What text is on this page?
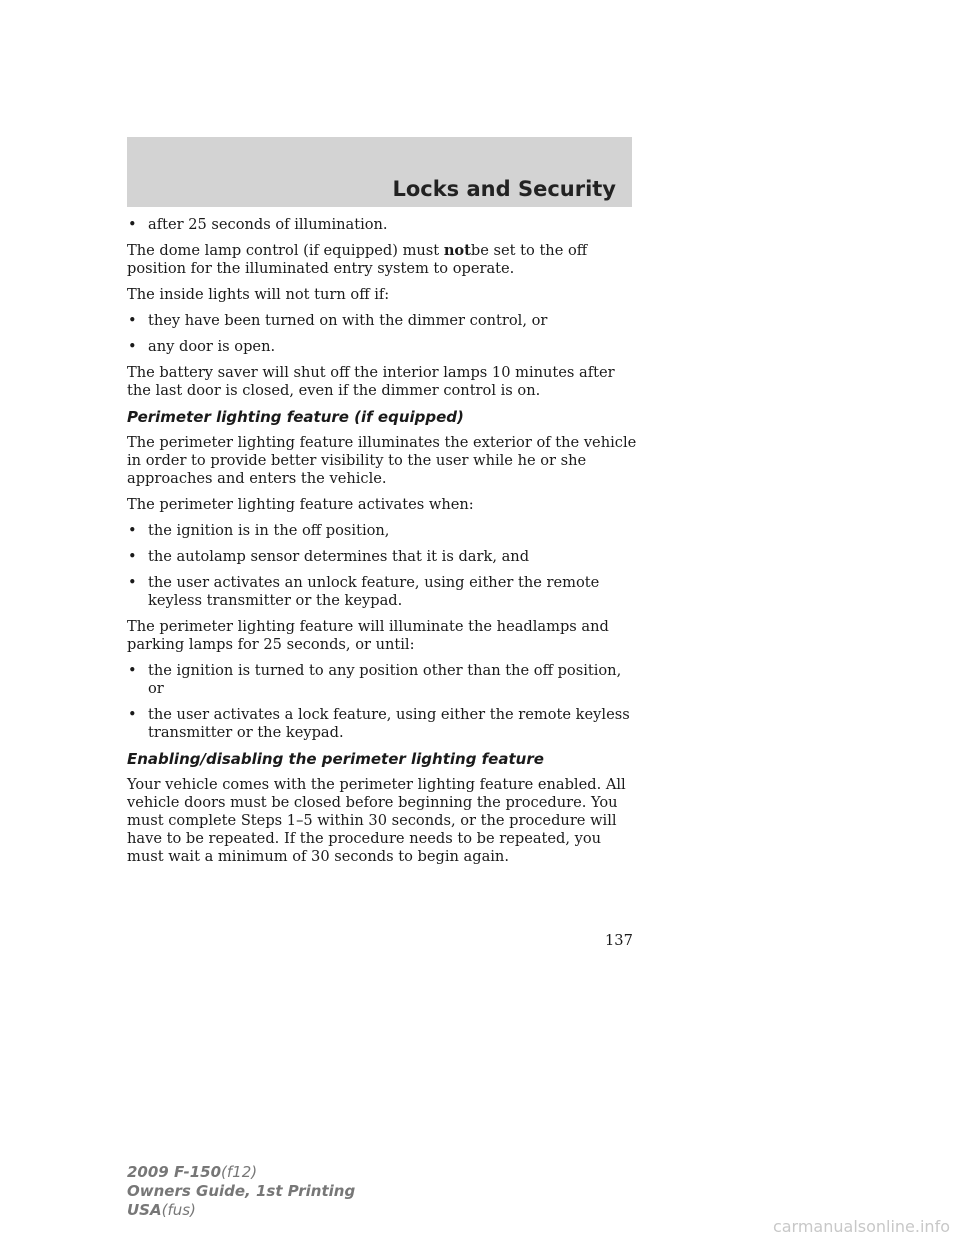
Locks and Security
• after 25 seconds of illumination.

The dome lamp control (if equipped) must notbe set to the off position for the illuminated entry system to operate.

The inside lights will not turn off if:

• they have been turned on with the dimmer control, or
• any door is open.

The battery saver will shut off the interior lamps 10 minutes after the last door is closed, even if the dimmer control is on.

Perimeter lighting feature (if equipped)

The perimeter lighting feature illuminates the exterior of the vehicle in order to provide better visibility to the user while he or she approaches and enters the vehicle.

The perimeter lighting feature activates when:

• the ignition is in the off position,
• the autolamp sensor determines that it is dark, and
• the user activates an unlock feature, using either the remote keyless transmitter or the keypad.

The perimeter lighting feature will illuminate the headlamps and parking lamps for 25 seconds, or until:

• the ignition is turned to any position other than the off position, or
• the user activates a lock feature, using either the remote keyless transmitter or the keypad.
Enabling/disabling the perimeter lighting feature

Your vehicle comes with the perimeter lighting feature enabled. All vehicle doors must be closed before beginning the procedure. You must complete Steps 1–5 within 30 seconds, or the procedure will have to be repeated. If the procedure needs to be repeated, you must wait a minimum of 30 seconds to begin again.

137
2009 F-150(f12)
Owners Guide, 1st Printing
USA(fus)
carmanualsonline.info
